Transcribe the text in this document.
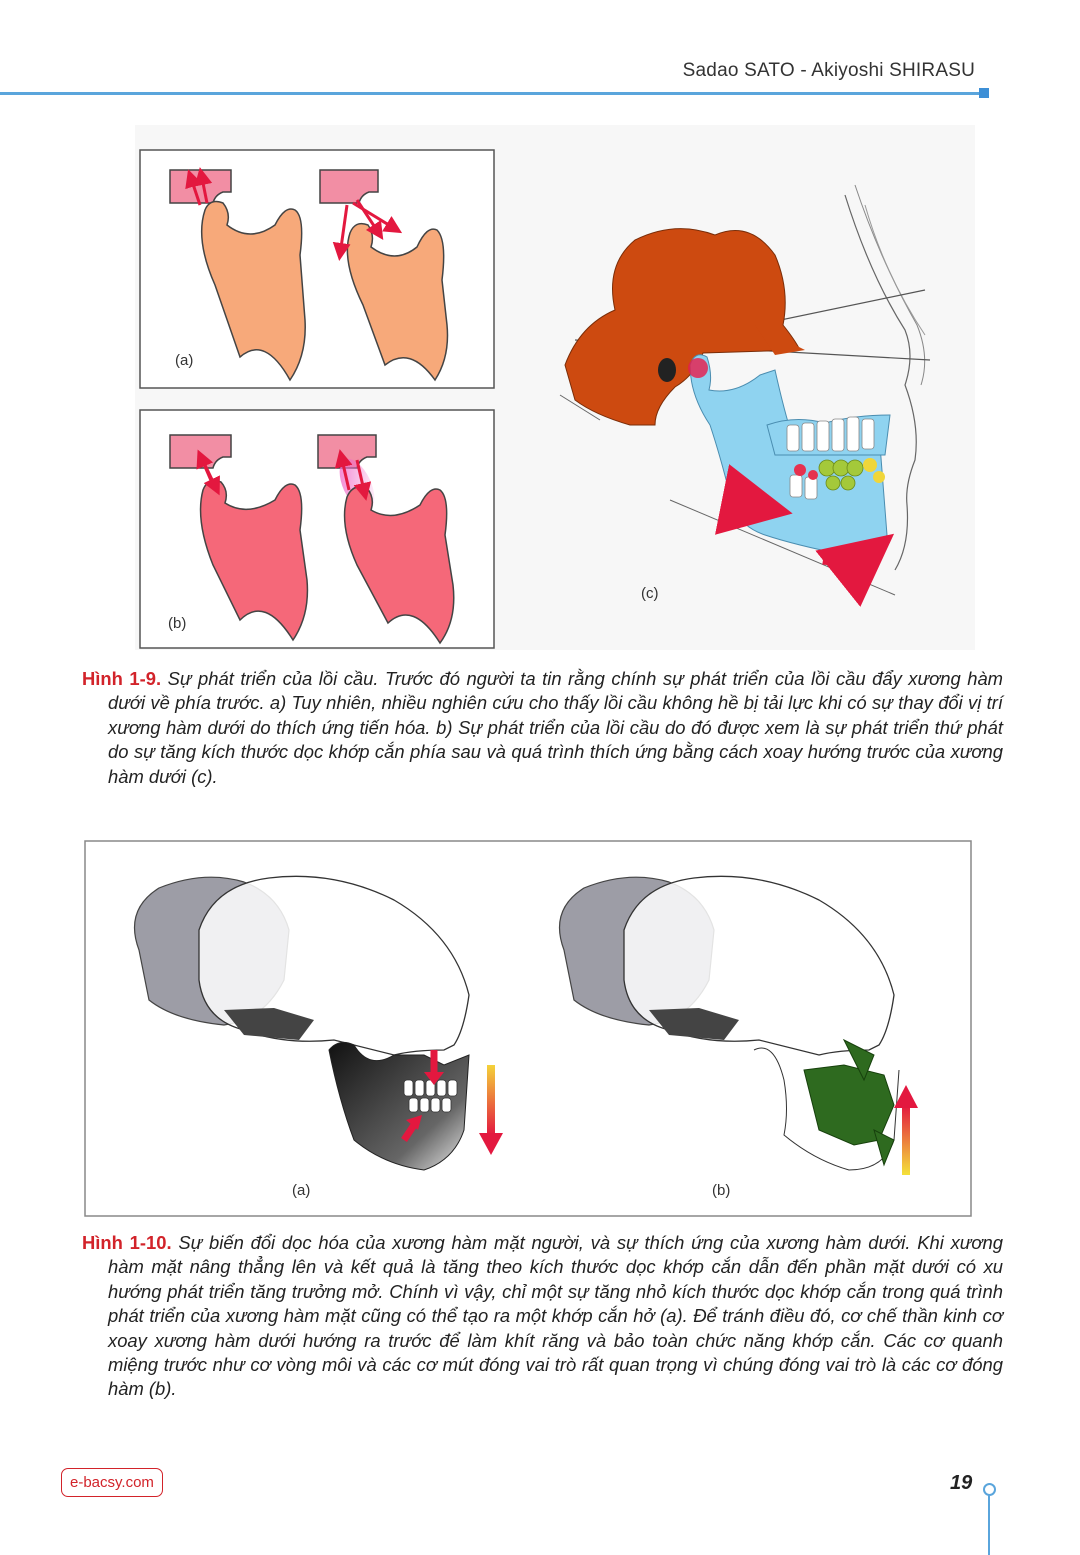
Sadao SATO - Akiyoshi SHIRASU
(a)
(b)
(c)
Hình 1-9. Sự phát triển của lồi cầu. Trước đó người ta tin rằng chính sự phát triển của lồi cầu đẩy xương hàm dưới về phía trước. a) Tuy nhiên, nhiều nghiên cứu cho thấy lồi cầu không hề bị tải lực khi có sự thay đổi vị trí xương hàm dưới do thích ứng tiến hóa. b) Sự phát triển của lồi cầu do đó được xem là sự phát triển thứ phát do sự tăng kích thước dọc khớp cắn phía sau và quá trình thích ứng bằng cách xoay hướng trước của xương hàm dưới (c).
(a)	(b)
Hình 1-10. Sự biến đổi dọc hóa của xương hàm mặt người, và sự thích ứng của xương hàm dưới. Khi xương hàm mặt nâng thẳng lên và kết quả là tăng theo kích thước dọc khớp cắn dẫn đến phần mặt dưới có xu hướng phát triển tăng trưởng mở. Chính vì vậy, chỉ một sự tăng nhỏ kích thước dọc khớp cắn trong quá trình phát triển của xương hàm mặt cũng có thể tạo ra một khớp cắn hở (a). Để tránh điều đó, cơ chế thần kinh cơ xoay xương hàm dưới hướng ra trước để làm khít răng và bảo toàn chức năng khớp cắn. Các cơ quanh miệng trước như cơ vòng môi và các cơ mút đóng vai trò rất quan trọng vì chúng đóng vai trò là các cơ đóng hàm (b).
e-bacsy.com	19
